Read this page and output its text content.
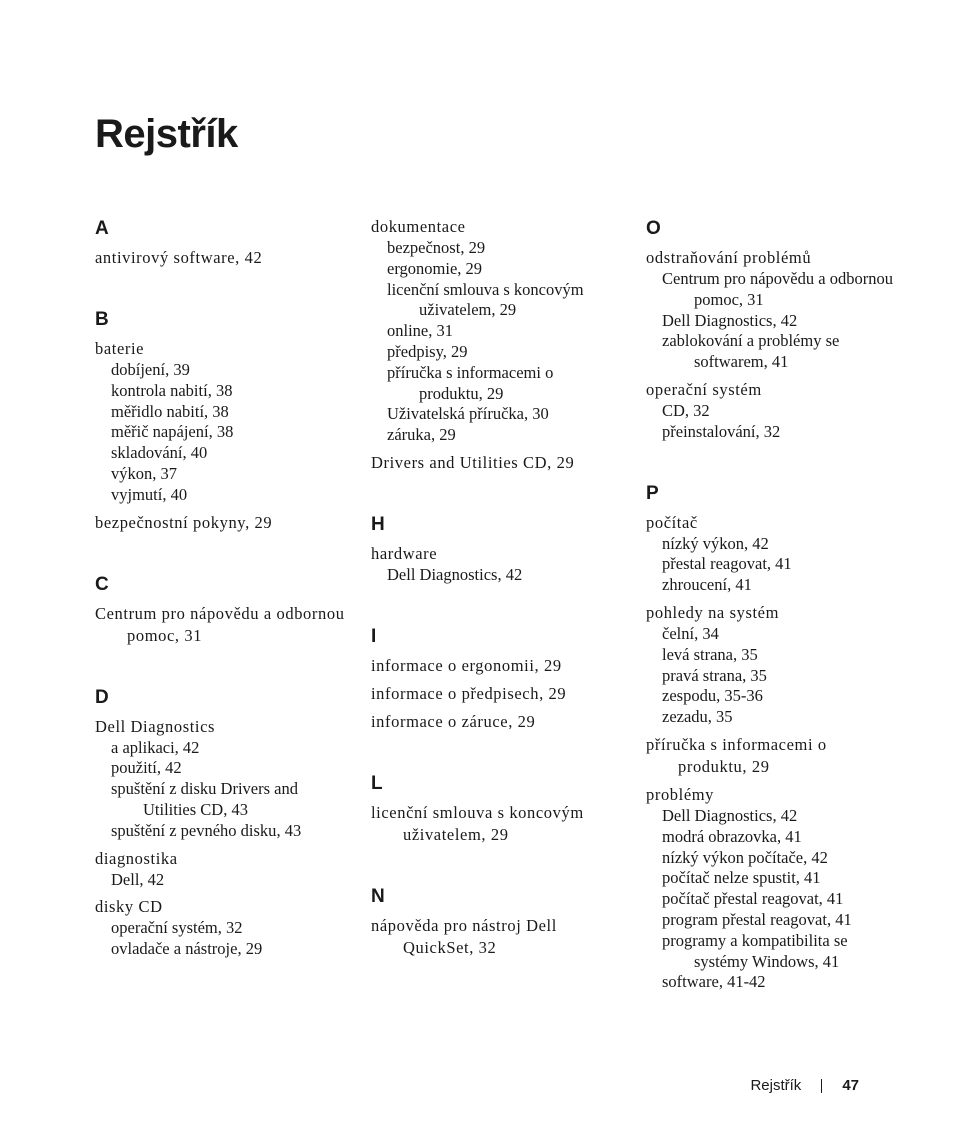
Rejstřík
A
antivirový software, 42
B
baterie
dobíjení, 39
kontrola nabití, 38
měřidlo nabití, 38
měřič napájení, 38
skladování, 40
výkon, 37
vyjmutí, 40
bezpečnostní pokyny, 29
C
Centrum pro nápovědu a odbornou pomoc, 31
D
Dell Diagnostics
a aplikaci, 42
použití, 42
spuštění z disku Drivers and Utilities CD, 43
spuštění z pevného disku, 43
diagnostika
Dell, 42
disky CD
operační systém, 32
ovladače a nástroje, 29
dokumentace
bezpečnost, 29
ergonomie, 29
licenční smlouva s koncovým uživatelem, 29
online, 31
předpisy, 29
příručka s informacemi o produktu, 29
Uživatelská příručka, 30
záruka, 29
Drivers and Utilities CD, 29
H
hardware
Dell Diagnostics, 42
I
informace o ergonomii, 29
informace o předpisech, 29
informace o záruce, 29
L
licenční smlouva s koncovým uživatelem, 29
N
nápověda pro nástroj Dell QuickSet, 32
O
odstraňování problémů
Centrum pro nápovědu a odbornou pomoc, 31
Dell Diagnostics, 42
zablokování a problémy se softwarem, 41
operační systém
CD, 32
přeinstalování, 32
P
počítač
nízký výkon, 42
přestal reagovat, 41
zhroucení, 41
pohledy na systém
čelní, 34
levá strana, 35
pravá strana, 35
zespodu, 35-36
zezadu, 35
příručka s informacemi o produktu, 29
problémy
Dell Diagnostics, 42
modrá obrazovka, 41
nízký výkon počítače, 42
počítač nelze spustit, 41
počítač přestal reagovat, 41
program přestal reagovat, 41
programy a kompatibilita se systémy Windows, 41
software, 41-42
Rejstřík	47
